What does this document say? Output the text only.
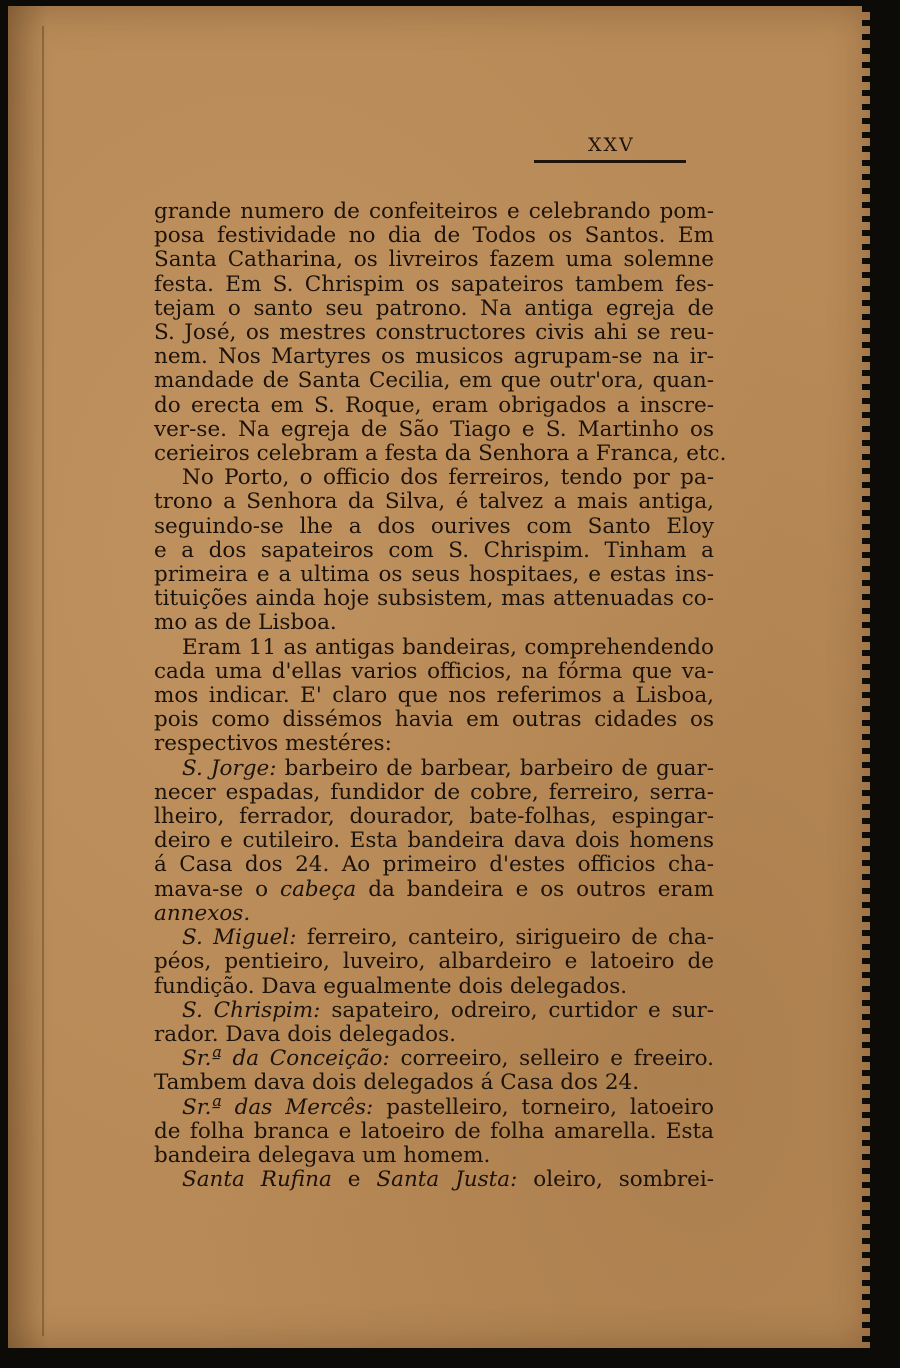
XXV
grande numero de confeiteiros e celebrando pom-
posa festividade no dia de Todos os Santos. Em
Santa Catharina, os livreiros fazem uma solemne
festa. Em S. Chrispim os sapateiros tambem fes-
tejam o santo seu patrono. Na antiga egreja de
S. José, os mestres constructores civis ahi se reu-
nem. Nos Martyres os musicos agrupam-se na ir-
mandade de Santa Cecilia, em que outr'ora, quan-
do erecta em S. Roque, eram obrigados a inscre-
ver-se. Na egreja de São Tiago e S. Martinho os
cerieiros celebram a festa da Senhora a Franca, etc.
No Porto, o officio dos ferreiros, tendo por pa-
trono a Senhora da Silva, é talvez a mais antiga,
seguindo-se lhe a dos ourives com Santo Eloy
e a dos sapateiros com S. Chrispim. Tinham a
primeira e a ultima os seus hospitaes, e estas ins-
tituições ainda hoje subsistem, mas attenuadas co-
mo as de Lisboa.
Eram 11 as antigas bandeiras, comprehendendo
cada uma d'ellas varios officios, na fórma que va-
mos indicar. E' claro que nos referimos a Lisboa,
pois como dissémos havia em outras cidades os
respectivos mestéres:
S. Jorge: barbeiro de barbear, barbeiro de guar-
necer espadas, fundidor de cobre, ferreiro, serra-
lheiro, ferrador, dourador, bate-folhas, espingar-
deiro e cutileiro. Esta bandeira dava dois homens
á Casa dos 24. Ao primeiro d'estes officios cha-
mava-se o cabeça da bandeira e os outros eram
annexos.
S. Miguel: ferreiro, canteiro, sirigueiro de cha-
péos, pentieiro, luveiro, albardeiro e latoeiro de
fundição. Dava egualmente dois delegados.
S. Chrispim: sapateiro, odreiro, curtidor e sur-
rador. Dava dois delegados.
Sr.ª da Conceição: correeiro, selleiro e freeiro.
Tambem dava dois delegados á Casa dos 24.
Sr.ª das Mercês: pastelleiro, torneiro, latoeiro
de folha branca e latoeiro de folha amarella. Esta
bandeira delegava um homem.
Santa Rufina e Santa Justa: oleiro, sombrei-
